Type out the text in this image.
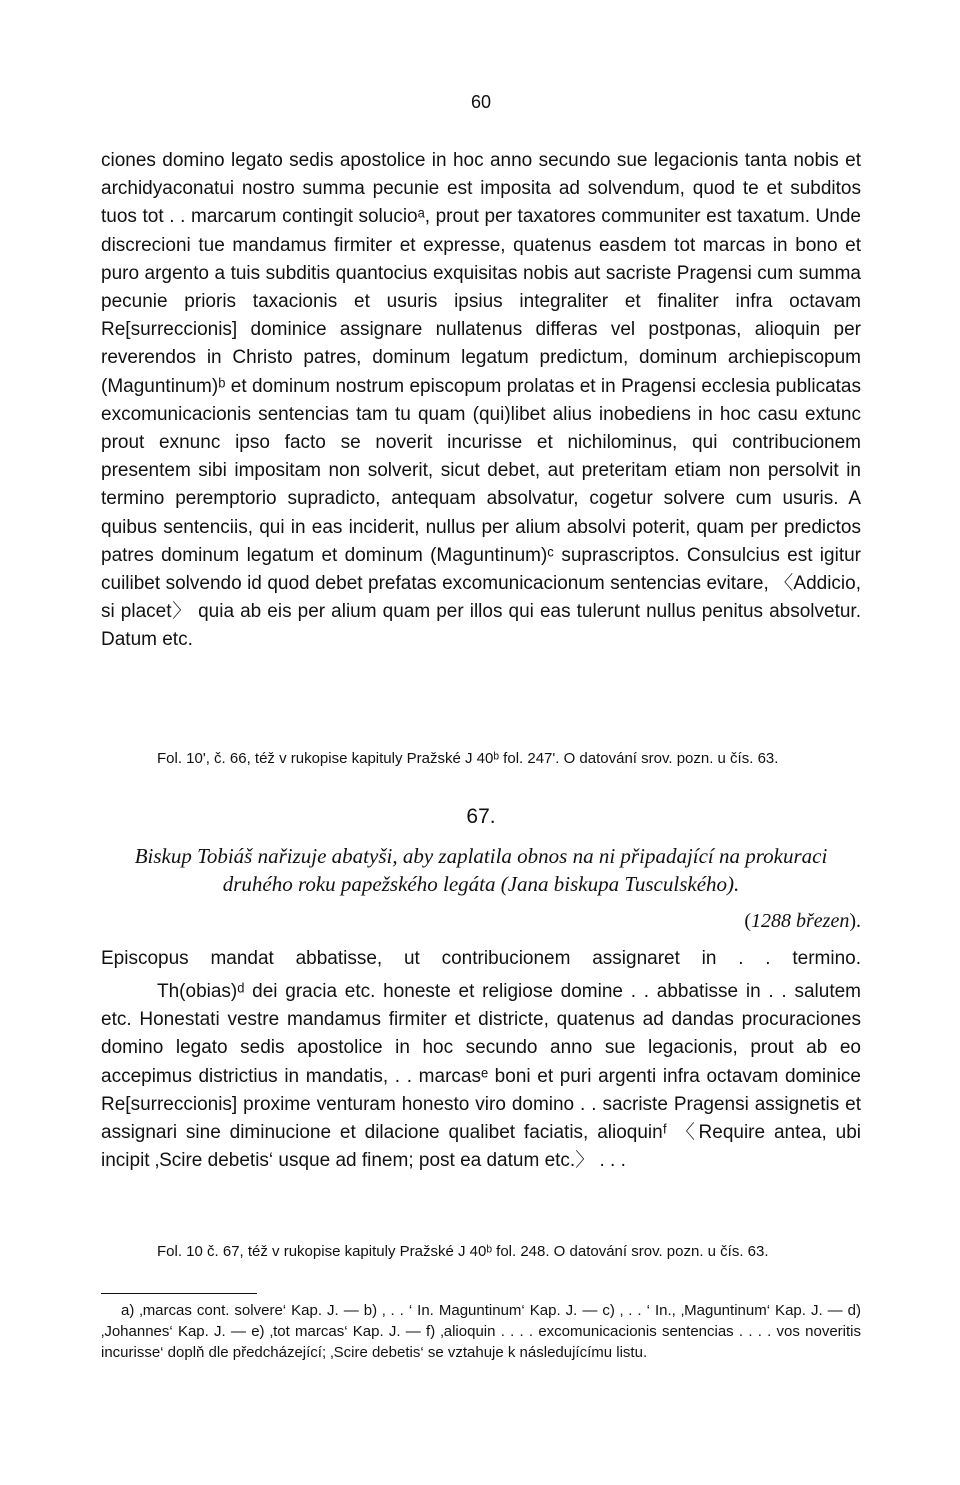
60
ciones domino legato sedis apostolice in hoc anno secundo sue legacionis tanta nobis et archidyaconatui nostro summa pecunie est imposita ad solvendum, quod te et subditos tuos tot . . marcarum contingit solucioᵃ, prout per taxatores communiter est taxatum. Unde discrecioni tue mandamus firmiter et expresse, quatenus easdem tot marcas in bono et puro argento a tuis subditis quantocius exquisitas nobis aut sacriste Pragensi cum summa pecunie prioris taxacionis et usuris ipsius integraliter et finaliter infra octavam Re[surreccionis] dominice assignare nullatenus differas vel postponas, alioquin per reverendos in Christo patres, dominum legatum predictum, dominum archiepiscopum (Maguntinum)ᵇ et dominum nostrum episcopum prolatas et in Pragensi ecclesia publicatas excomunicacionis sentencias tam tu quam (qui)libet alius inobediens in hoc casu extunc prout exnunc ipso facto se noverit incurisse et nichilominus, qui contribucionem presentem sibi impositam non solverit, sicut debet, aut preteritam etiam non persolvit in termino peremptorio supradicto, antequam absolvatur, cogetur solvere cum usuris. A quibus sentenciis, qui in eas inciderit, nullus per alium absolvi poterit, quam per predictos patres dominum legatum et dominum (Maguntinum)ᶜ suprascriptos. Consulcius est igitur cuilibet solvendo id quod debet prefatas excomunicacionum sentencias evitare, 〈Addicio, si placet〉 quia ab eis per alium quam per illos qui eas tulerunt nullus penitus absolvetur. Datum etc.
Fol. 10', č. 66, též v rukopise kapituly Pražské J 40ᵇ fol. 247'. O datování srov. pozn. u čís. 63.
67.
Biskup Tobiáš nařizuje abatyši, aby zaplatila obnos na ni připadající na prokuraci druhého roku papežského legáta (Jana biskupa Tusculského).
(1288 březen).
Episcopus mandat abbatisse, ut contribucionem assignaret in . . termino.
Th(obias)ᵈ dei gracia etc. honeste et religiose domine . . abbatisse in . . salutem etc. Honestati vestre mandamus firmiter et districte, quatenus ad dandas procuraciones domino legato sedis apostolice in hoc secundo anno sue legacionis, prout ab eo accepimus districtius in mandatis, . . marcasᵉ boni et puri argenti infra octavam dominice Re[surreccionis] proxime venturam honesto viro domino . . sacriste Pragensi assignetis et assignari sine diminucione et dilacione qualibet faciatis, alioquinᶠ 〈Require antea, ubi incipit ‚Scire debetis‘ usque ad finem; post ea datum etc.〉 . . .
Fol. 10 č. 67, též v rukopise kapituly Pražské J 40ᵇ fol. 248. O datování srov. pozn. u čís. 63.
a) ‚marcas cont. solvere‘ Kap. J. — b) ‚ . . ‘ In. Maguntinum‘ Kap. J. — c) ‚ . . ‘ In., ‚Maguntinum‘ Kap. J. — d) ‚Johannes‘ Kap. J. — e) ‚tot marcas‘ Kap. J. — f) ‚alioquin . . . . excomunicacionis sentencias . . . . vos noveritis incurisse‘ doplň dle předcházející; ‚Scire debetis‘ se vztahuje k následujícímu listu.
